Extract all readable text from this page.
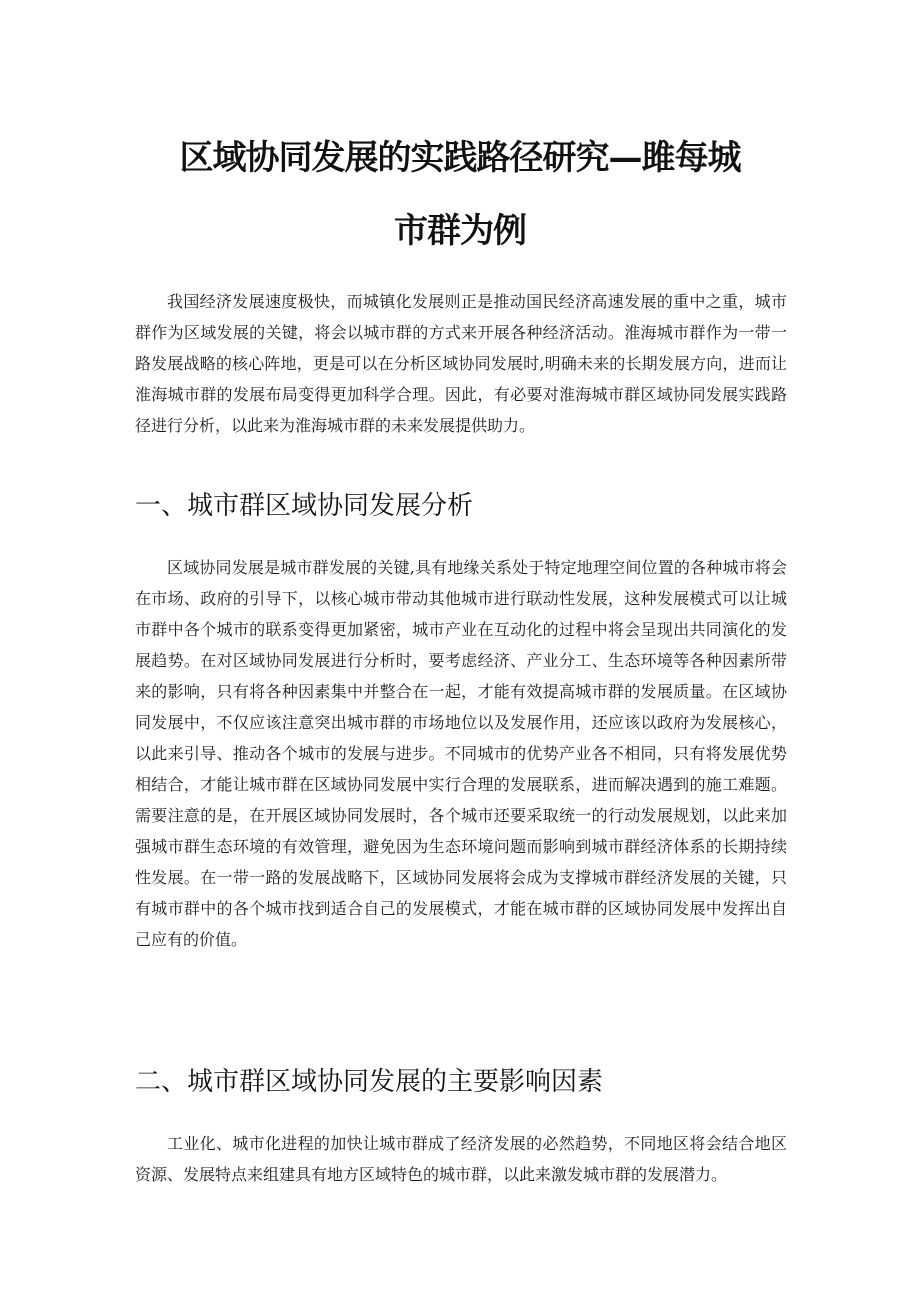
区域协同发展的实践路径研究—雎每城
市群为例

我国经济发展速度极快，而城镇化发展则正是推动国民经济高速发展的重中之重，城市群作为区域发展的关键，将会以城市群的方式来开展各种经济活动。淮海城市群作为一带一路发展战略的核心阵地，更是可以在分析区域协同发展时,明确未来的长期发展方向，进而让淮海城市群的发展布局变得更加科学合理。因此，有必要对淮海城市群区域协同发展实践路径进行分析，以此来为淮海城市群的未来发展提供助力。

一、城市群区域协同发展分析

区域协同发展是城市群发展的关键,具有地缘关系处于特定地理空间位置的各种城市将会在市场、政府的引导下，以核心城市带动其他城市进行联动性发展，这种发展模式可以让城市群中各个城市的联系变得更加紧密，城市产业在互动化的过程中将会呈现出共同演化的发展趋势。在对区域协同发展进行分析时，要考虑经济、产业分工、生态环境等各种因素所带来的影响，只有将各种因素集中并整合在一起，才能有效提高城市群的发展质量。在区域协同发展中，不仅应该注意突出城市群的市场地位以及发展作用，还应该以政府为发展核心，以此来引导、推动各个城市的发展与进步。不同城市的优势产业各不相同，只有将发展优势相结合，才能让城市群在区域协同发展中实行合理的发展联系，进而解决遇到的施工难题。需要注意的是，在开展区域协同发展时，各个城市还要采取统一的行动发展规划，以此来加强城市群生态环境的有效管理，避免因为生态环境问题而影响到城市群经济体系的长期持续性发展。在一带一路的发展战略下，区域协同发展将会成为支撑城市群经济发展的关键，只有城市群中的各个城市找到适合自己的发展模式，才能在城市群的区域协同发展中发挥出自己应有的价值。

二、城市群区域协同发展的主要影响因素

工业化、城市化进程的加快让城市群成了经济发展的必然趋势，不同地区将会结合地区资源、发展特点来组建具有地方区域特色的城市群，以此来激发城市群的发展潜力。
